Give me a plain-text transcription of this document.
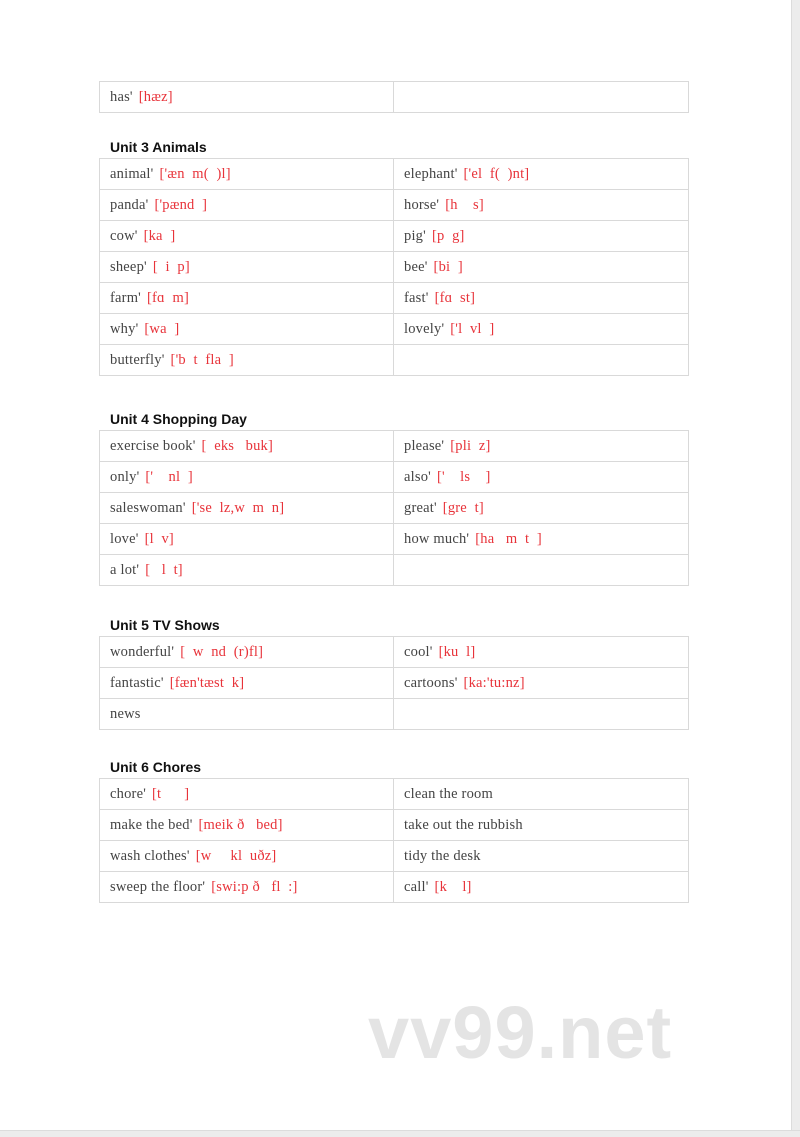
has' [hæz]	
Unit 3 Animals
animal' ['æn  m(  )l]	elephant' ['el  f(  )nt]
panda' ['pænd  ]	horse' [h    s]
cow' [ka  ]	pig' [p  g]
sheep' [  i  p]	bee' [bi  ]
farm' [fɑ  m]	fast' [fɑ  st]
why' [wa  ]	lovely' ['l  vl  ]
butterfly' ['b  t  fla  ]	
Unit 4 Shopping Day
exercise book' [  eks   buk]	please' [pli  z]
only' ['    nl  ]	also' ['    ls    ]
saleswoman' ['se  lz,w  m  n]	great' [gre  t]
love' [l  v]	how much' [ha   m  t  ]
a lot' [   l  t]	
Unit 5 TV Shows
wonderful' [  w  nd  (r)fl]	cool' [ku  l]
fantastic' [fæn'tæst  k]	cartoons' [ka:'tu:nz]
news	
Unit 6 Chores
chore' [t      ]	clean the room
make the bed' [meik ð   bed]	take out the rubbish
wash clothes' [w     kl  uðz]	tidy the desk
sweep the floor' [swi:p ð   fl  :]	call' [k    l]
vv99.net
